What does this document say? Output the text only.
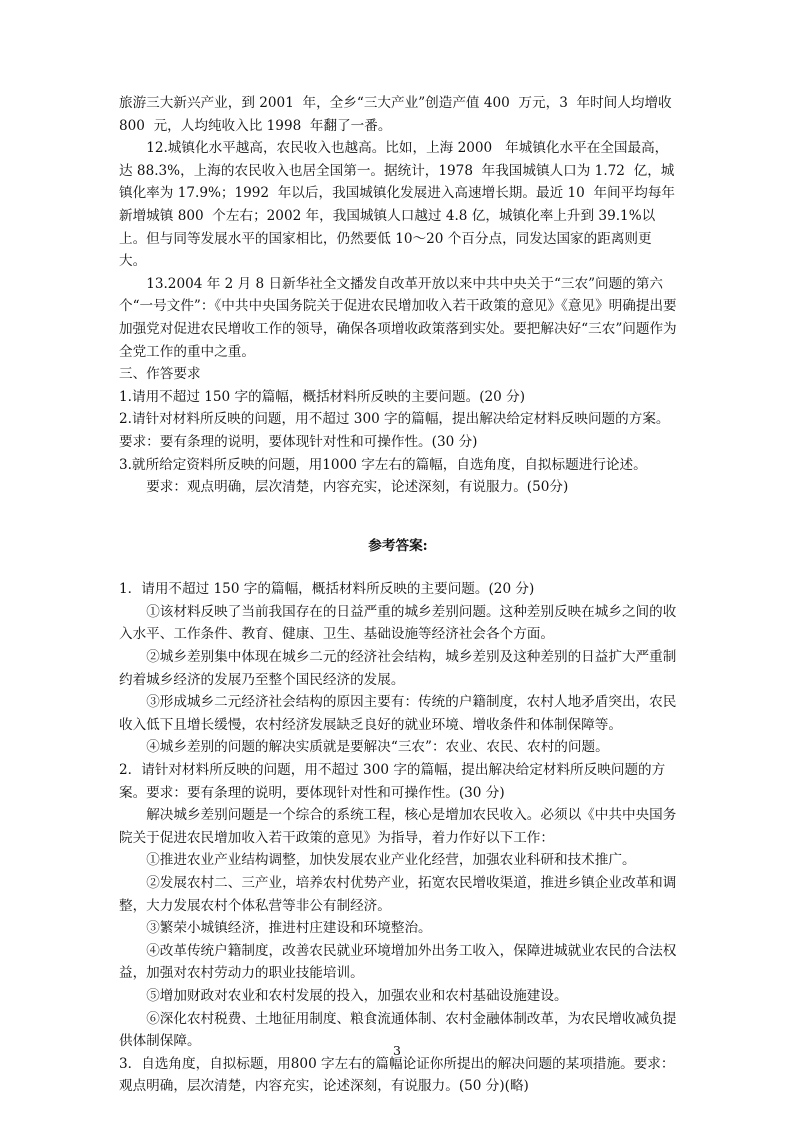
旅游三大新兴产业，到 2001  年，全乡“三大产业”创造产值 400  万元，3  年时间人均增收 800  元，人均纯收入比 1998  年翻了一番。

12.城镇化水平越高，农民收入也越高。比如，上海 2000   年城镇化水平在全国最高，达 88.3%，上海的农民收入也居全国第一。据统计，1978  年我国城镇人口为 1.72  亿，城镇化率为 17.9%；1992  年以后，我国城镇化发展进入高速增长期。最近 10  年间平均每年新增城镇 800  个左右；2002 年，我国城镇人口越过 4.8 亿，城镇化率上升到 39.1%以上。但与同等发展水平的国家相比，仍然要低 10～20 个百分点，同发达国家的距离则更大。

13.2004 年 2 月 8 日新华社全文播发自改革开放以来中共中央关于“三农”问题的第六个“一号文件”：《中共中央国务院关于促进农民增加收入若干政策的意见》《意见》明确提出要加强党对促进农民增收工作的领导，确保各项增收政策落到实处。要把解决好“三农”问题作为全党工作的重中之重。

三、作答要求

1.请用不超过 150 字的篇幅，概括材料所反映的主要问题。(20 分)

2.请针对材料所反映的问题，用不超过 300 字的篇幅，提出解决给定材料反映问题的方案。要求：要有条理的说明，要体现针对性和可操作性。(30 分)

3.就所给定资料所反映的问题，用1000 字左右的篇幅，自选角度，自拟标题进行论述。

要求：观点明确，层次清楚，内容充实，论述深刻，有说服力。(50分)

参考答案:

1．请用不超过 150 字的篇幅，概括材料所反映的主要问题。(20 分)

①该材料反映了当前我国存在的日益严重的城乡差别问题。这种差别反映在城乡之间的收入水平、工作条件、教育、健康、卫生、基础设施等经济社会各个方面。

②城乡差别集中体现在城乡二元的经济社会结构，城乡差别及这种差别的日益扩大严重制约着城乡经济的发展乃至整个国民经济的发展。

③形成城乡二元经济社会结构的原因主要有：传统的户籍制度，农村人地矛盾突出，农民收入低下且增长缓慢，农村经济发展缺乏良好的就业环境、增收条件和体制保障等。

④城乡差别的问题的解决实质就是要解决“三农”：农业、农民、农村的问题。

2．请针对材料所反映的问题，用不超过 300 字的篇幅，提出解决给定材料所反映问题的方案。要求：要有条理的说明，要体现针对性和可操作性。(30 分)

解决城乡差别问题是一个综合的系统工程，核心是增加农民收入。必须以《中共中央国务院关于促进农民增加收入若干政策的意见》为指导，着力作好以下工作：

①推进农业产业结构调整，加快发展农业产业化经营，加强农业科研和技术推广。

②发展农村二、三产业，培养农村优势产业，拓宽农民增收渠道，推进乡镇企业改革和调整，大力发展农村个体私营等非公有制经济。

③繁荣小城镇经济，推进村庄建设和环境整治。

④改革传统户籍制度，改善农民就业环境增加外出务工收入，保障进城就业农民的合法权益，加强对农村劳动力的职业技能培训。

⑤增加财政对农业和农村发展的投入，加强农业和农村基础设施建设。

⑥深化农村税费、土地征用制度、粮食流通体制、农村金融体制改革，为农民增收减负提供体制保障。

3．自选角度，自拟标题，用800 字左右的篇幅论证你所提出的解决问题的某项措施。要求：观点明确，层次清楚，内容充实，论述深刻，有说服力。(50 分)(略)

3
